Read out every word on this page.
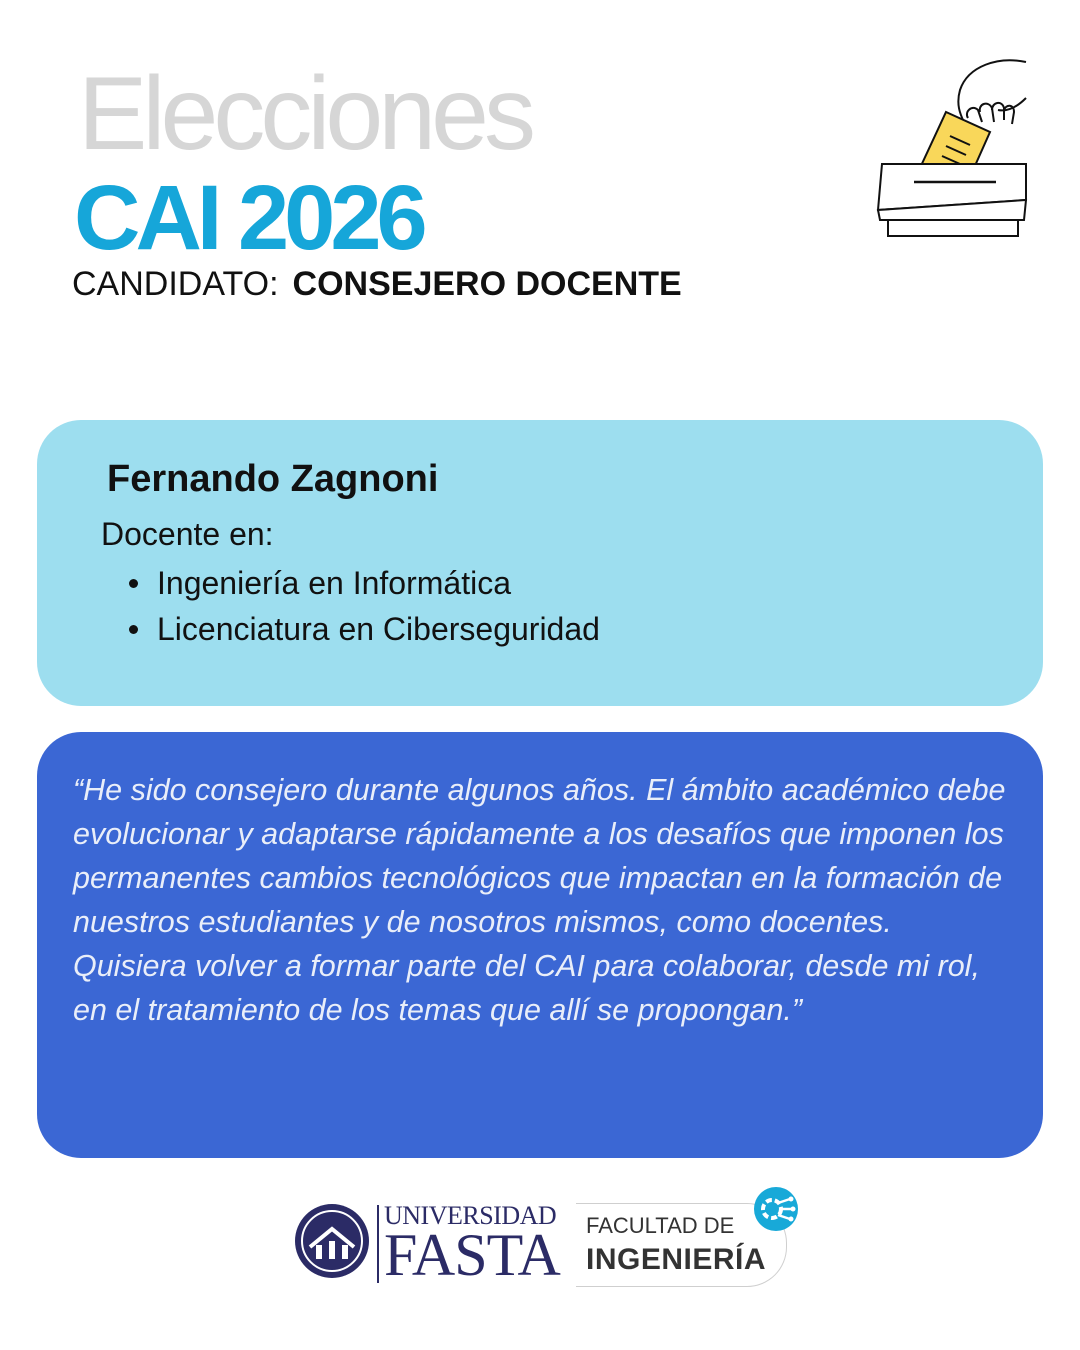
Elecciones
CAI 2026
CANDIDATO: CONSEJERO DOCENTE
Fernando Zagnoni
Docente en:
Ingeniería en Informática
Licenciatura en Ciberseguridad

“He sido consejero durante algunos años. El ámbito académico debe evolucionar y adaptarse rápidamente a los desafíos que imponen los permanentes cambios tecnológicos que impactan en la formación de nuestros estudiantes y de nosotros mismos, como docentes. Quisiera volver a formar parte del CAI para colaborar, desde mi rol, en el tratamiento de los temas que allí se propongan.”

UNIVERSIDAD
FASTA FACULTAD DE
INGENIERÍA
